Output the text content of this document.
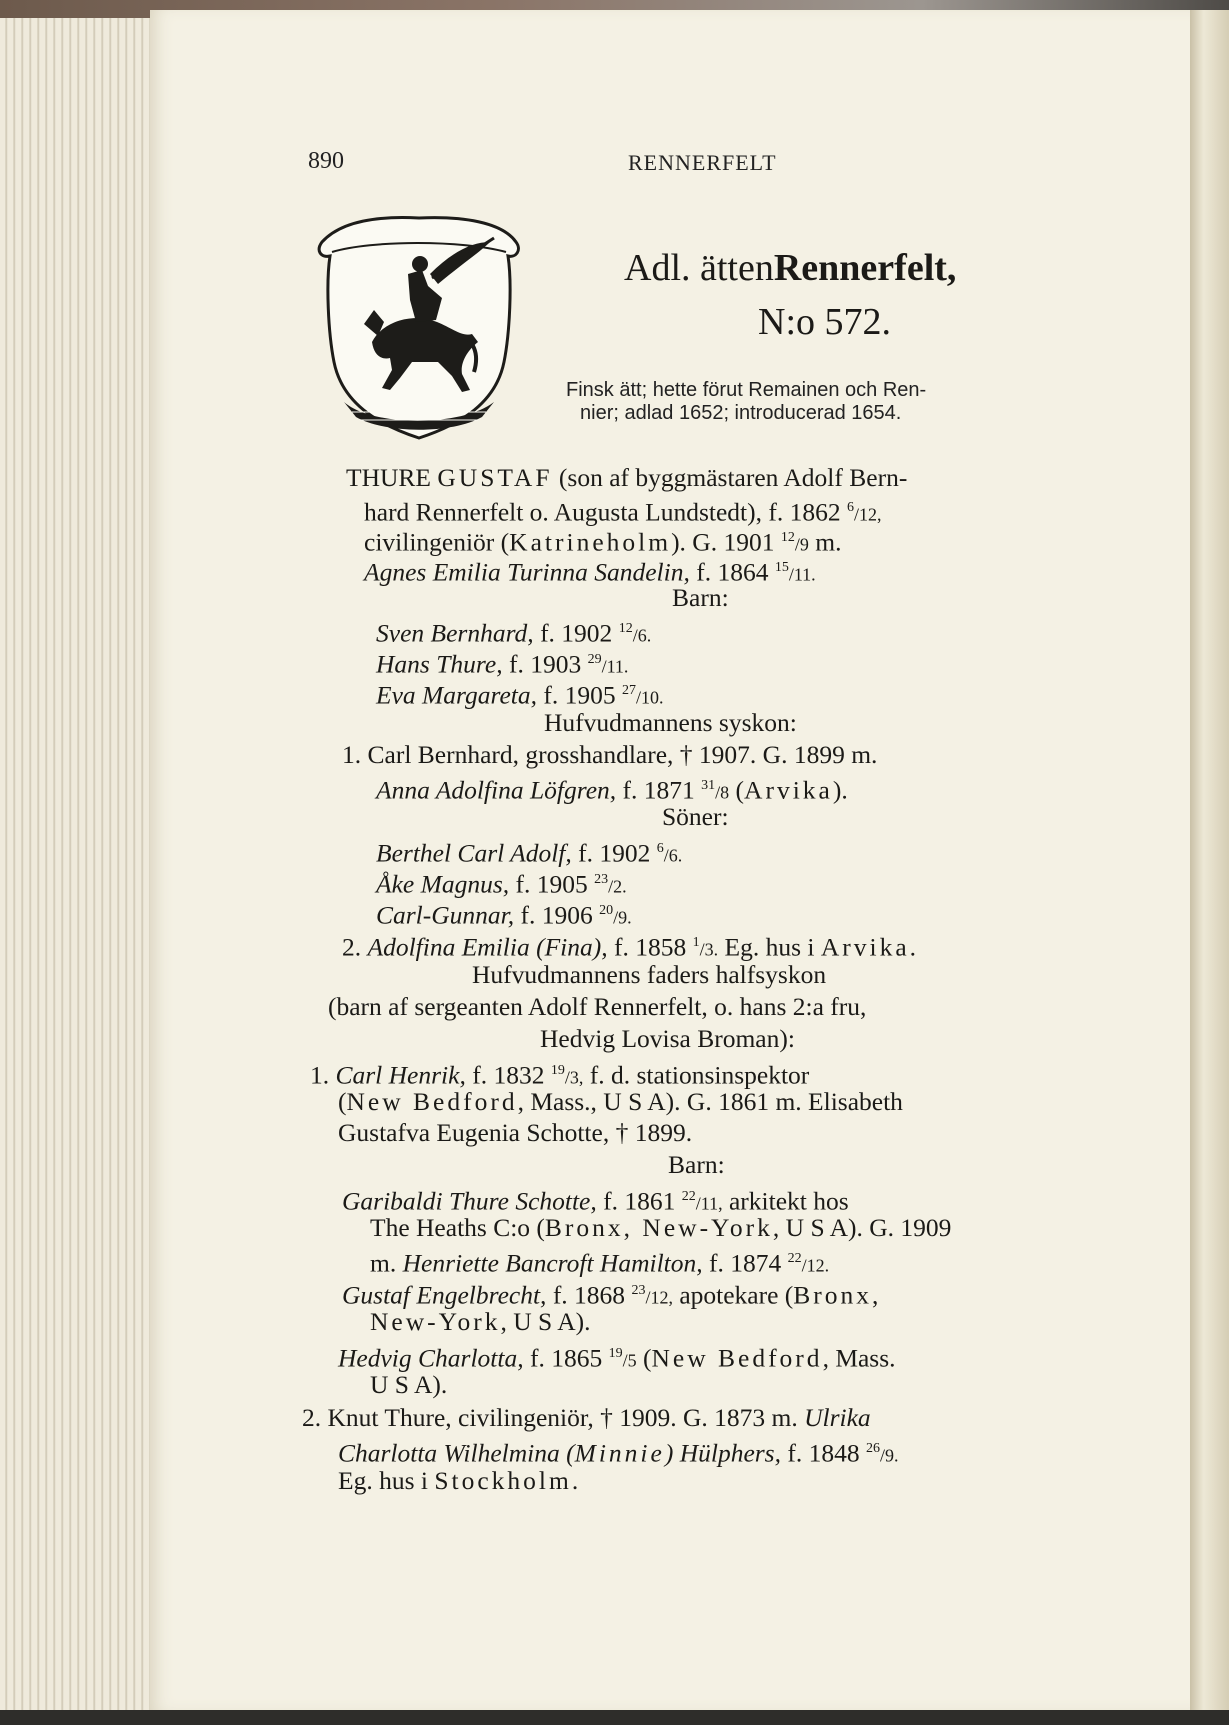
890	RENNERFELT

Adl. ättenRennerfelt,

N:o 572.

Finsk ätt; hette förut Remainen och Ren-

nier; adlad 1652; introducerad 1654.

THURE GUSTAF (son af byggmästaren Adolf Bern-

hard Rennerfelt o. Augusta Lundstedt), f. 1862 $^6$/12,

civilingeniör (Katrineholm). G. 1901 $^{12}$/9 m.

Agnes Emilia Turinna Sandelin, f. 1864 $^{15}$/11.

Barn:

Sven Bernhard, f. 1902 $^{12}$/6.

Hans Thure, f. 1903 $^{29}$/11.

Eva Margareta, f. 1905 $^{27}$/10.

Hufvudmannens syskon:

1. Carl Bernhard, grosshandlare, † 1907. G. 1899 m.

Anna Adolfina Löfgren, f. 1871 $^{31}$/8 (Arvika).

Söner:

Berthel Carl Adolf, f. 1902 $^6$/6.

Åke Magnus, f. 1905 $^{23}$/2.

Carl-Gunnar, f. 1906 $^{20}$/9.

2. Adolfina Emilia (Fina), f. 1858 $^1$/3. Eg. hus i Arvika.

Hufvudmannens faders halfsyskon

(barn af sergeanten Adolf Rennerfelt, o. hans 2:a fru,

Hedvig Lovisa Broman):

1. Carl Henrik, f. 1832 $^{19}$/3, f. d. stationsinspektor

(New Bedford, Mass., U S A). G. 1861 m. Elisabeth

Gustafva Eugenia Schotte, † 1899.

Barn:

Garibaldi Thure Schotte, f. 1861 $^{22}$/11, arkitekt hos

The Heaths C:o (Bronx, New-York, U S A). G. 1909

m. Henriette Bancroft Hamilton, f. 1874 $^{22}$/12.

Gustaf Engelbrecht, f. 1868 $^{23}$/12, apotekare (Bronx,

New-York, U S A).

Hedvig Charlotta, f. 1865 $^{19}$/5 (New Bedford, Mass.

U S A).

2. Knut Thure, civilingeniör, † 1909. G. 1873 m. Ulrika

Charlotta Wilhelmina (Minnie) Hülphers, f. 1848 $^{26}$/9.

Eg. hus i Stockholm.
